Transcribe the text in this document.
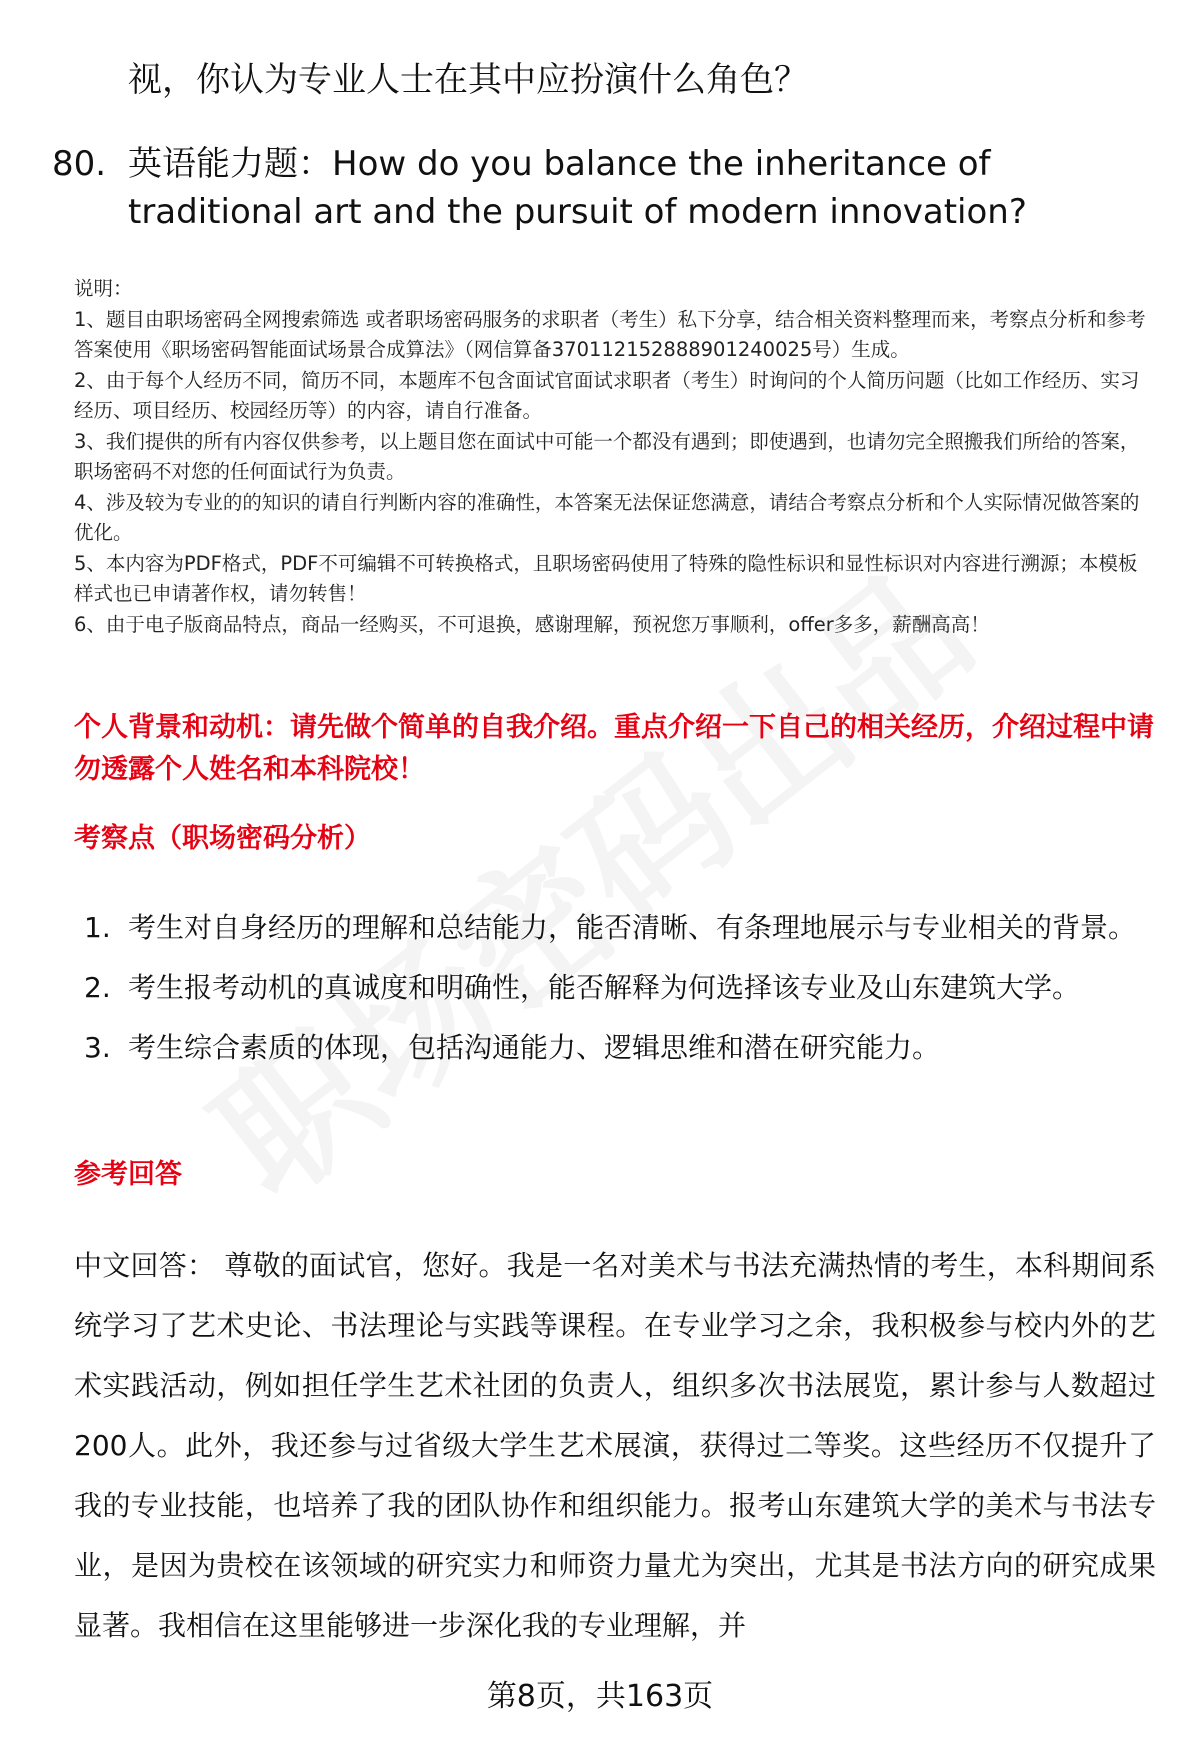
视，你认为专业人士在其中应扮演什么角色？
80. 英语能力题：How do you balance the inheritance of traditional art and the pursuit of modern innovation?
说明：
1、题目由职场密码全网搜索筛选 或者职场密码服务的求职者（考生）私下分享，结合相关资料整理而来，考察点分析和参考答案使用《职场密码智能面试场景合成算法》（网信算备370112152888901240025号）生成。
2、由于每个人经历不同，简历不同，本题库不包含面试官面试求职者（考生）时询问的个人简历问题（比如工作经历、实习经历、项目经历、校园经历等）的内容，请自行准备。
3、我们提供的所有内容仅供参考，以上题目您在面试中可能一个都没有遇到；即使遇到，也请勿完全照搬我们所给的答案，职场密码不对您的任何面试行为负责。
4、涉及较为专业的的知识的请自行判断内容的准确性，本答案无法保证您满意，请结合考察点分析和个人实际情况做答案的优化。
5、本内容为PDF格式，PDF不可编辑不可转换格式，且职场密码使用了特殊的隐性标识和显性标识对内容进行溯源；本模板样式也已申请著作权，请勿转售！
6、由于电子版商品特点，商品一经购买，不可退换，感谢理解，预祝您万事顺利，offer多多，薪酬高高！
个人背景和动机：请先做个简单的自我介绍。重点介绍一下自己的相关经历，介绍过程中请勿透露个人姓名和本科院校！
考察点（职场密码分析）
1. 考生对自身经历的理解和总结能力，能否清晰、有条理地展示与专业相关的背景。
2. 考生报考动机的真诚度和明确性，能否解释为何选择该专业及山东建筑大学。
3. 考生综合素质的体现，包括沟通能力、逻辑思维和潜在研究能力。
参考回答
中文回答： 尊敬的面试官，您好。我是一名对美术与书法充满热情的考生，本科期间系统学习了艺术史论、书法理论与实践等课程。在专业学习之余，我积极参与校内外的艺术实践活动，例如担任学生艺术社团的负责人，组织多次书法展览，累计参与人数超过200人。此外，我还参与过省级大学生艺术展演，获得过二等奖。这些经历不仅提升了我的专业技能，也培养了我的团队协作和组织能力。报考山东建筑大学的美术与书法专业，是因为贵校在该领域的研究实力和师资力量尤为突出，尤其是书法方向的研究成果显著。我相信在这里能够进一步深化我的专业理解，并
第8页，共163页
